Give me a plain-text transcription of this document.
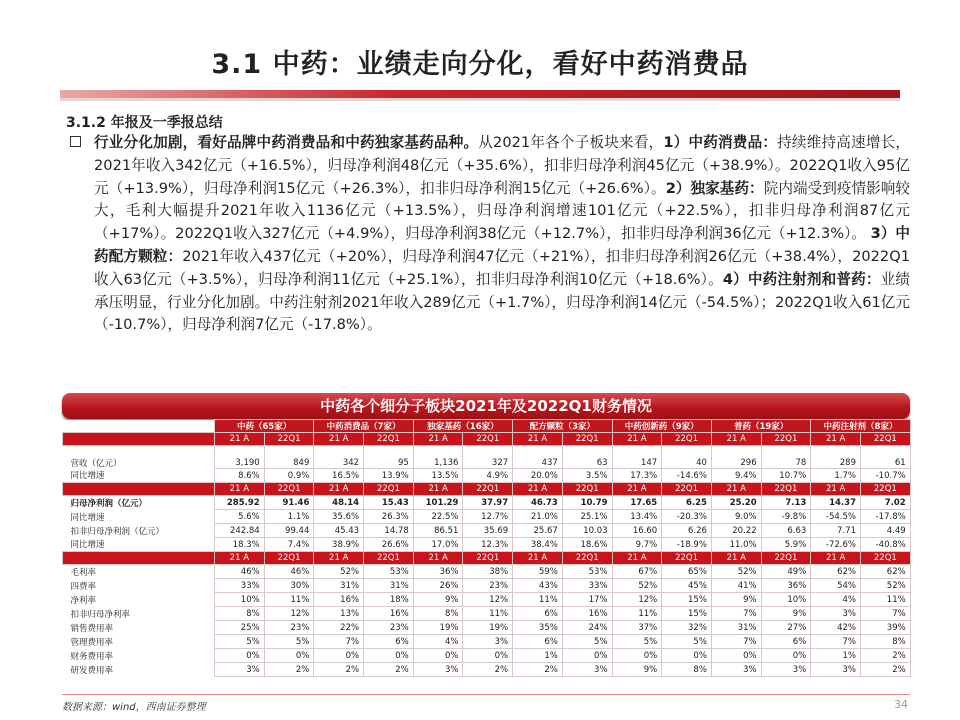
3.1 中药：业绩走向分化，看好中药消费品
3.1.2 年报及一季报总结
行业分化加剧，看好品牌中药消费品和中药独家基药品种。从2021年各个子板块来看，1）中药消费品：持续维持高速增长，2021年收入342亿元（+16.5%），归母净利润48亿元（+35.6%），扣非归母净利润45亿元（+38.9%）。2022Q1收入95亿元（+13.9%），归母净利润15亿元（+26.3%），扣非归母净利润15亿元（+26.6%）。2）独家基药：院内端受到疫情影响较大，毛利大幅提升2021年收入1136亿元（+13.5%），归母净利润增速101亿元（+22.5%），扣非归母净利润87亿元（+17%）。2022Q1收入327亿元（+4.9%），归母净利润38亿元（+12.7%），扣非归母净利润36亿元（+12.3%）。 3）中药配方颗粒：2021年收入437亿元（+20%），归母净利润47亿元（+21%），扣非归母净利润26亿元（+38.4%），2022Q1收入63亿元（+3.5%），归母净利润11亿元（+25.1%），扣非归母净利润10亿元（+18.6%）。4）中药注射剂和普药：业绩承压明显，行业分化加剧。中药注射剂2021年收入289亿元（+1.7%），归母净利润14亿元（-54.5%）；2022Q1收入61亿元（-10.7%），归母净利润7亿元（-17.8%）。
中药各个细分子板块2021年及2022Q1财务情况
	中药（65家）		中药消费品（7家）		独家基药（16家）		配方颗粒（3家）		中药创新药（9家）		普药（19家）		中药注射剂（8家）	
	21 A	22Q1	21 A	22Q1	21 A	22Q1	21 A	22Q1	21 A	22Q1	21 A	22Q1	21 A	22Q1
营收（亿元）	3,190	849	342	95	1,136	327	437	63	147	40	296	78	289	61
同比增速	8.6%	0.9%	16.5%	13.9%	13.5%	4.9%	20.0%	3.5%	17.3%	-14.6%	9.4%	10.7%	1.7%	-10.7%
	21 A	22Q1	21 A	22Q1	21 A	22Q1	21 A	22Q1	21 A	22Q1	21 A	22Q1	21 A	22Q1
归母净利润（亿元）	285.92	91.46	48.14	15.43	101.29	37.97	46.73	10.79	17.65	6.25	25.20	7.13	14.37	7.02
同比增速	5.6%	1.1%	35.6%	26.3%	22.5%	12.7%	21.0%	25.1%	13.4%	-20.3%	9.0%	-9.8%	-54.5%	-17.8%
扣非归母净利润（亿元）	242.84	99.44	45.43	14.78	86.51	35.69	25.67	10.03	16.60	6.26	20.22	6.63	7.71	4.49
同比增速	18.3%	7.4%	38.9%	26.6%	17.0%	12.3%	38.4%	18.6%	9.7%	-18.9%	11.0%	5.9%	-72.6%	-40.8%
	21 A	22Q1	21 A	22Q1	21 A	22Q1	21 A	22Q1	21 A	22Q1	21 A	22Q1	21 A	22Q1
毛利率	46%	46%	52%	53%	36%	38%	59%	53%	67%	65%	52%	49%	62%	62%
四费率	33%	30%	31%	31%	26%	23%	43%	33%	52%	45%	41%	36%	54%	52%
净利率	10%	11%	16%	18%	9%	12%	11%	17%	12%	15%	9%	10%	4%	11%
扣非归母净利率	8%	12%	13%	16%	8%	11%	6%	16%	11%	15%	7%	9%	3%	7%
销售费用率	25%	23%	22%	23%	19%	19%	35%	24%	37%	32%	31%	27%	42%	39%
管理费用率	5%	5%	7%	6%	4%	3%	6%	5%	5%	5%	7%	6%	7%	8%
财务费用率	0%	0%	0%	0%	0%	0%	1%	0%	0%	0%	0%	0%	1%	2%
研发费用率	3%	2%	2%	2%	3%	2%	2%	3%	9%	8%	3%	3%	3%	2%
数据来源：wind，西南证券整理	34
